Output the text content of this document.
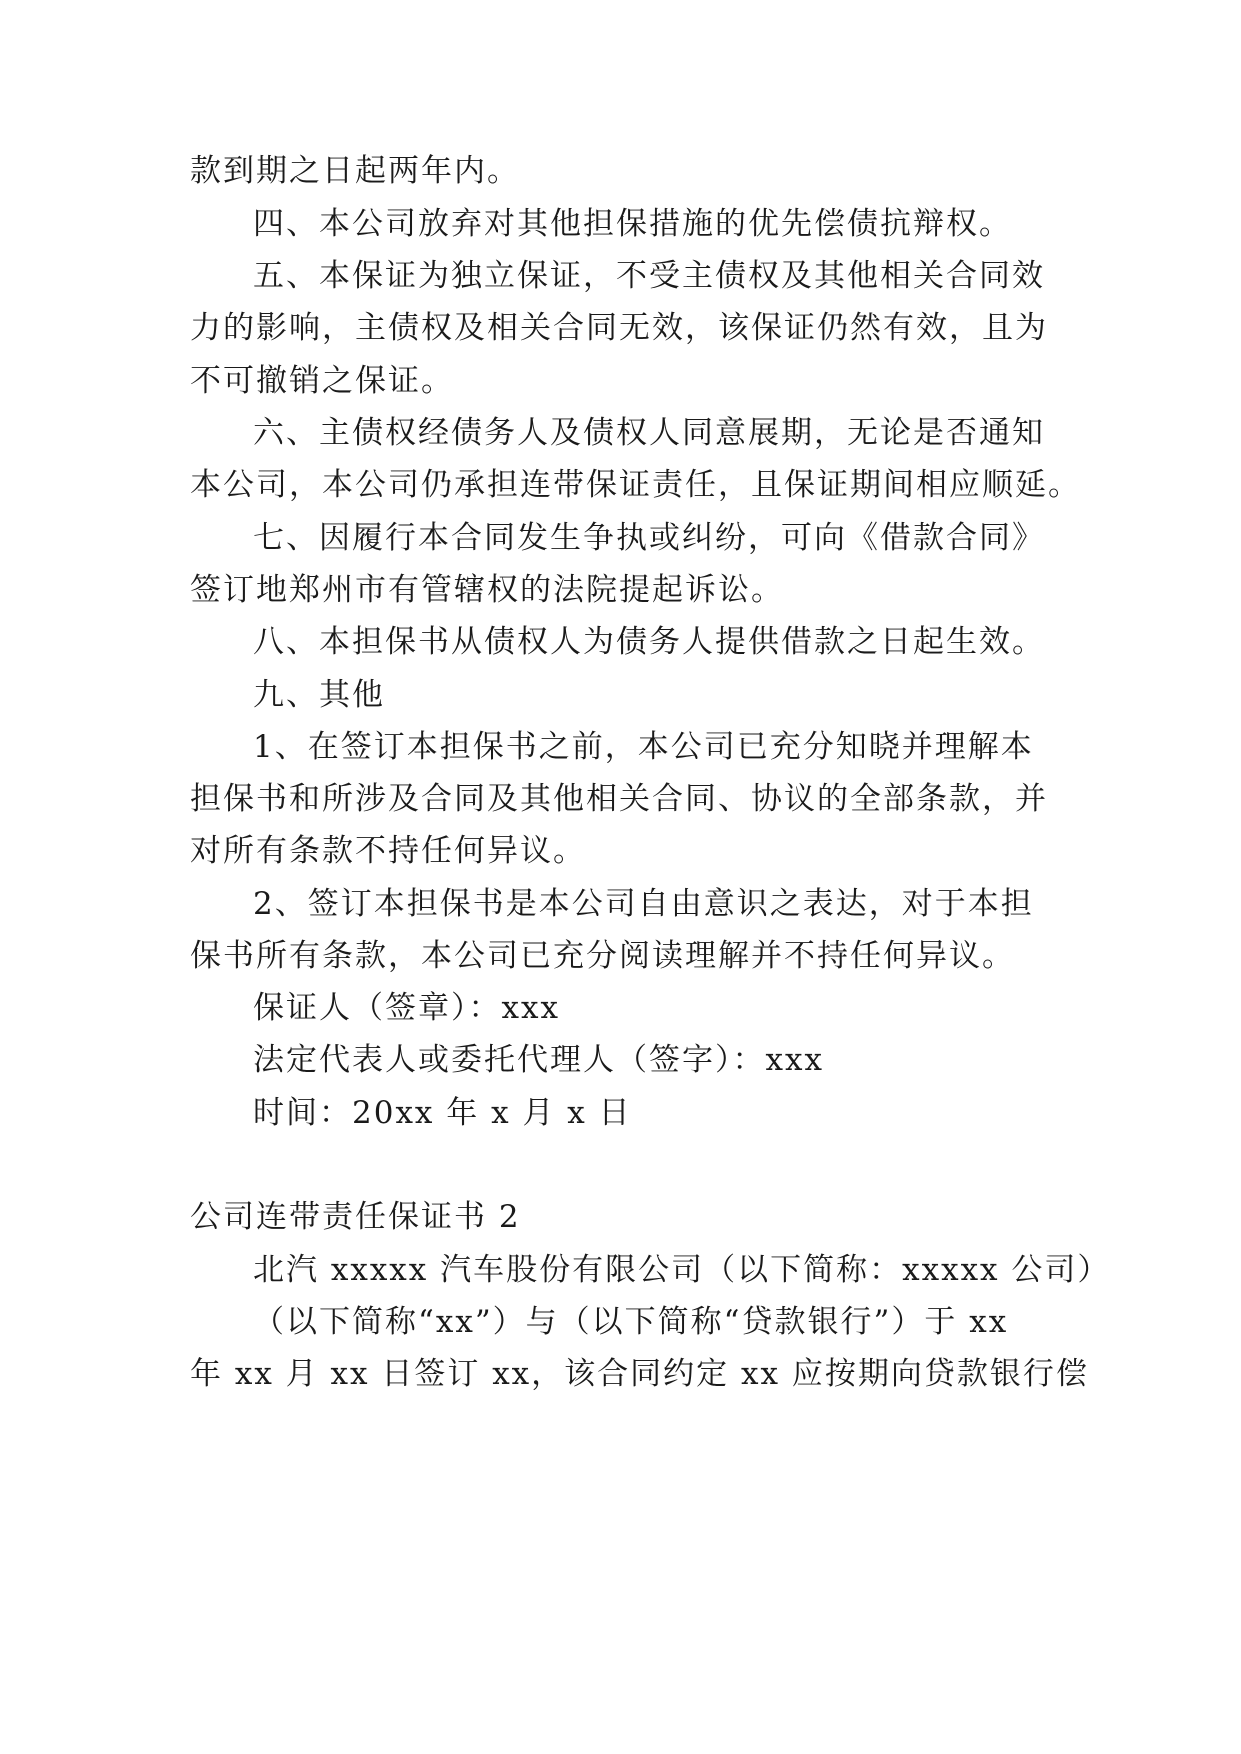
款到期之日起两年内。
四、本公司放弃对其他担保措施的优先偿债抗辩权。
五、本保证为独立保证，不受主债权及其他相关合同效
力的影响，主债权及相关合同无效，该保证仍然有效，且为
不可撤销之保证。
六、主债权经债务人及债权人同意展期，无论是否通知
本公司，本公司仍承担连带保证责任，且保证期间相应顺延。
七、因履行本合同发生争执或纠纷，可向《借款合同》
签订地郑州市有管辖权的法院提起诉讼。
八、本担保书从债权人为债务人提供借款之日起生效。
九、其他
1、在签订本担保书之前，本公司已充分知晓并理解本
担保书和所涉及合同及其他相关合同、协议的全部条款，并
对所有条款不持任何异议。
2、签订本担保书是本公司自由意识之表达，对于本担
保书所有条款，本公司已充分阅读理解并不持任何异议。
保证人（签章）：xxx
法定代表人或委托代理人（签字）：xxx
时间：20xx 年 x 月 x 日
公司连带责任保证书 2
北汽 xxxxx 汽车股份有限公司（以下简称：xxxxx 公司）
（以下简称“xx”）与（以下简称“贷款银行”）于 xx
年 xx 月 xx 日签订 xx，该合同约定 xx 应按期向贷款银行偿
